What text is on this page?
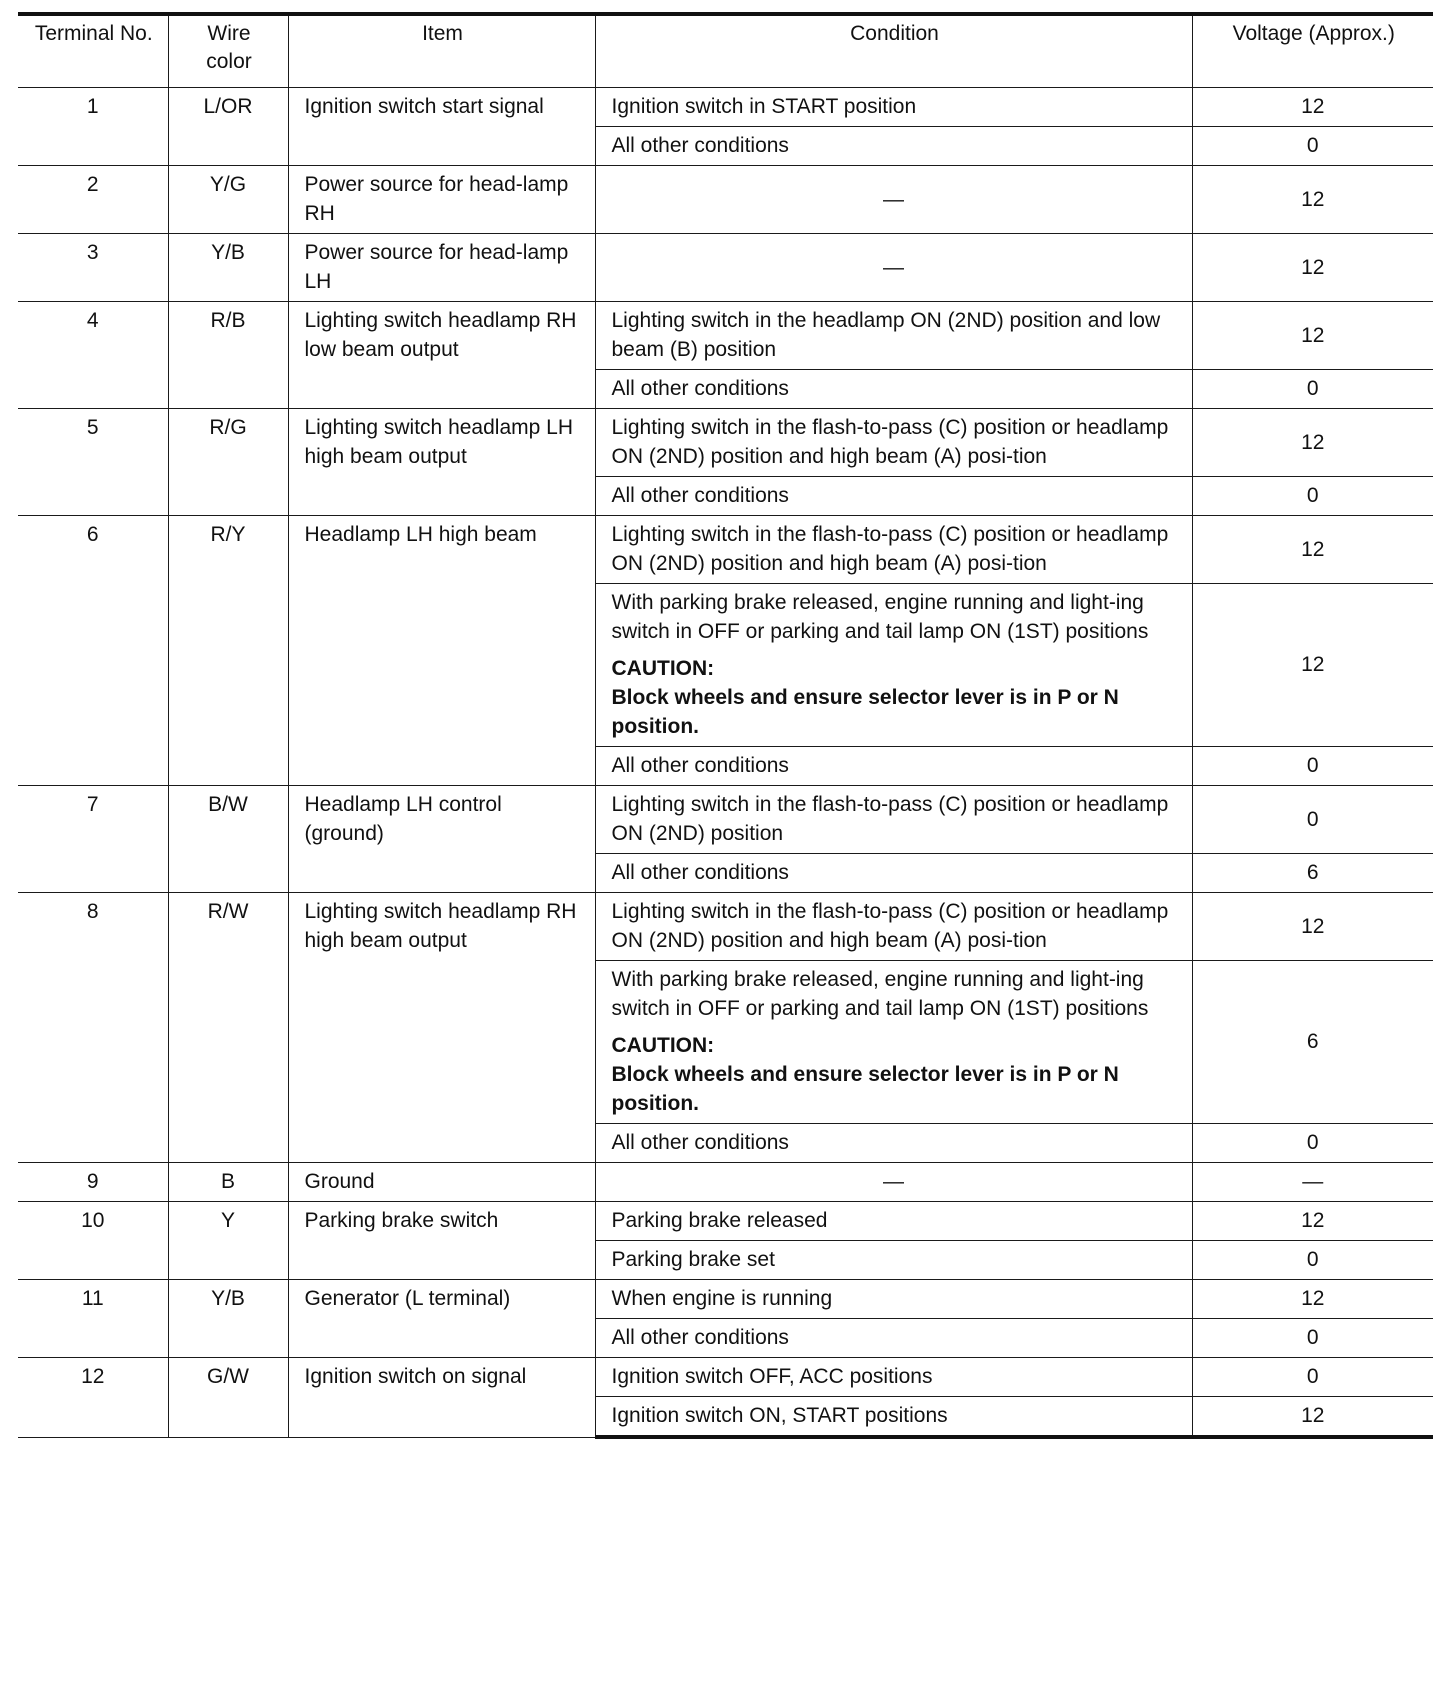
Terminal No.	Wire color	Item	Condition	Voltage (Approx.)
1	L/OR	Ignition switch start signal	Ignition switch in START position	12

			All other conditions	0
2	Y/G	Power source for head-lamp RH	—	12
3	Y/B	Power source for head-lamp LH	—	12
4	R/B	Lighting switch headlamp RH low beam output	Lighting switch in the headlamp ON (2ND) position and low beam (B) position	12

			All other conditions	0
5	R/G	Lighting switch headlamp LH high beam output	Lighting switch in the flash-to-pass (C) position or headlamp ON (2ND) position and high beam (A) posi-tion	12

			All other conditions	0
6	R/Y	Headlamp LH high beam	Lighting switch in the flash-to-pass (C) position or headlamp ON (2ND) position and high beam (A) posi-tion	12

			With parking brake released, engine running and light-ing switch in OFF or parking and tail lamp ON (1ST) positions

CAUTION:

Block wheels and ensure selector lever is in P or N position.	12

			All other conditions	0
7	B/W	Headlamp LH control (ground)	Lighting switch in the flash-to-pass (C) position or headlamp ON (2ND) position	0

			All other conditions	6
8	R/W	Lighting switch headlamp RH high beam output	Lighting switch in the flash-to-pass (C) position or headlamp ON (2ND) position and high beam (A) posi-tion	12

			With parking brake released, engine running and light-ing switch in OFF or parking and tail lamp ON (1ST) positions

CAUTION:

Block wheels and ensure selector lever is in P or N position.	6

			All other conditions	0
9	B	Ground	—	—
10	Y	Parking brake switch	Parking brake released	12

			Parking brake set	0
11	Y/B	Generator (L terminal)	When engine is running	12

			All other conditions	0
12	G/W	Ignition switch on signal	Ignition switch OFF, ACC positions	0

			Ignition switch ON, START positions	12
